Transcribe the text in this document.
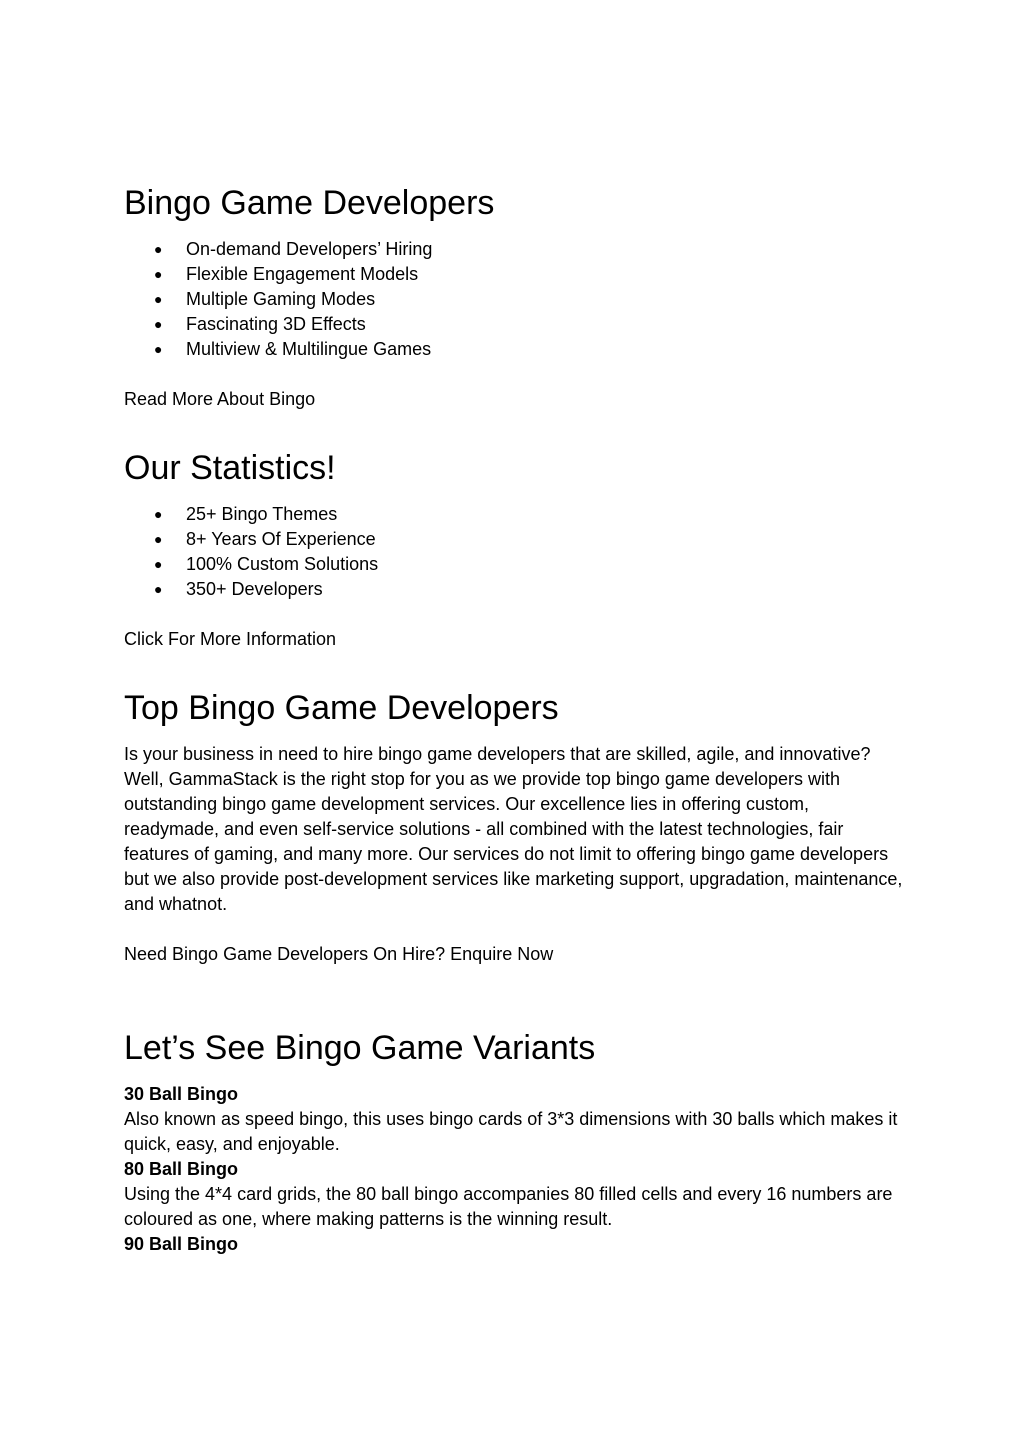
Bingo Game Developers
● On-demand Developers’ Hiring
● Flexible Engagement Models
● Multiple Gaming Modes
● Fascinating 3D Effects
● Multiview & Multilingue Games
Read More About Bingo
Our Statistics!
● 25+ Bingo Themes
● 8+ Years Of Experience
● 100% Custom Solutions
● 350+ Developers
Click For More Information
Top Bingo Game Developers
Is your business in need to hire bingo game developers that are skilled, agile, and innovative? Well, GammaStack is the right stop for you as we provide top bingo game developers with outstanding bingo game development services. Our excellence lies in offering custom, readymade, and even self-service solutions - all combined with the latest technologies, fair features of gaming, and many more. Our services do not limit to offering bingo game developers but we also provide post-development services like marketing support, upgradation, maintenance, and whatnot.
Need Bingo Game Developers On Hire? Enquire Now
Let’s See Bingo Game Variants
30 Ball Bingo
Also known as speed bingo, this uses bingo cards of 3*3 dimensions with 30 balls which makes it quick, easy, and enjoyable.
80 Ball Bingo
Using the 4*4 card grids, the 80 ball bingo accompanies 80 filled cells and every 16 numbers are coloured as one, where making patterns is the winning result.
90 Ball Bingo
